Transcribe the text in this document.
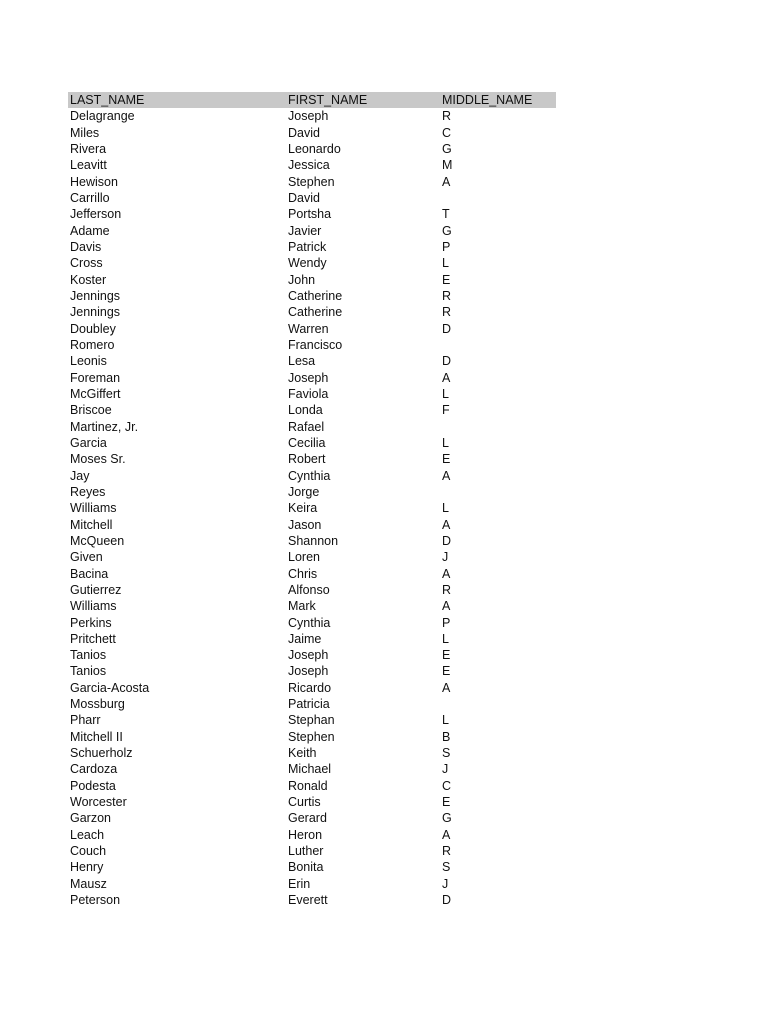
LAST_NAME	FIRST_NAME	MIDDLE_NAME
Delagrange	Joseph	R
Miles	David	C
Rivera	Leonardo	G
Leavitt	Jessica	M
Hewison	Stephen	A
Carrillo	David
Jefferson	Portsha	T
Adame	Javier	G
Davis	Patrick	P
Cross	Wendy	L
Koster	John	E
Jennings	Catherine	R
Jennings	Catherine	R
Doubley	Warren	D
Romero	Francisco
Leonis	Lesa	D
Foreman	Joseph	A
McGiffert	Faviola	L
Briscoe	Londa	F
Martinez, Jr.	Rafael
Garcia	Cecilia	L
Moses Sr.	Robert	E
Jay	Cynthia	A
Reyes	Jorge
Williams	Keira	L
Mitchell	Jason	A
McQueen	Shannon	D
Given	Loren	J
Bacina	Chris	A
Gutierrez	Alfonso	R
Williams	Mark	A
Perkins	Cynthia	P
Pritchett	Jaime	L
Tanios	Joseph	E
Tanios	Joseph	E
Garcia-Acosta	Ricardo	A
Mossburg	Patricia
Pharr	Stephan	L
Mitchell II	Stephen	B
Schuerholz	Keith	S
Cardoza	Michael	J
Podesta	Ronald	C
Worcester	Curtis	E
Garzon	Gerard	G
Leach	Heron	A
Couch	Luther	R
Henry	Bonita	S
Mausz	Erin	J
Peterson	Everett	D
